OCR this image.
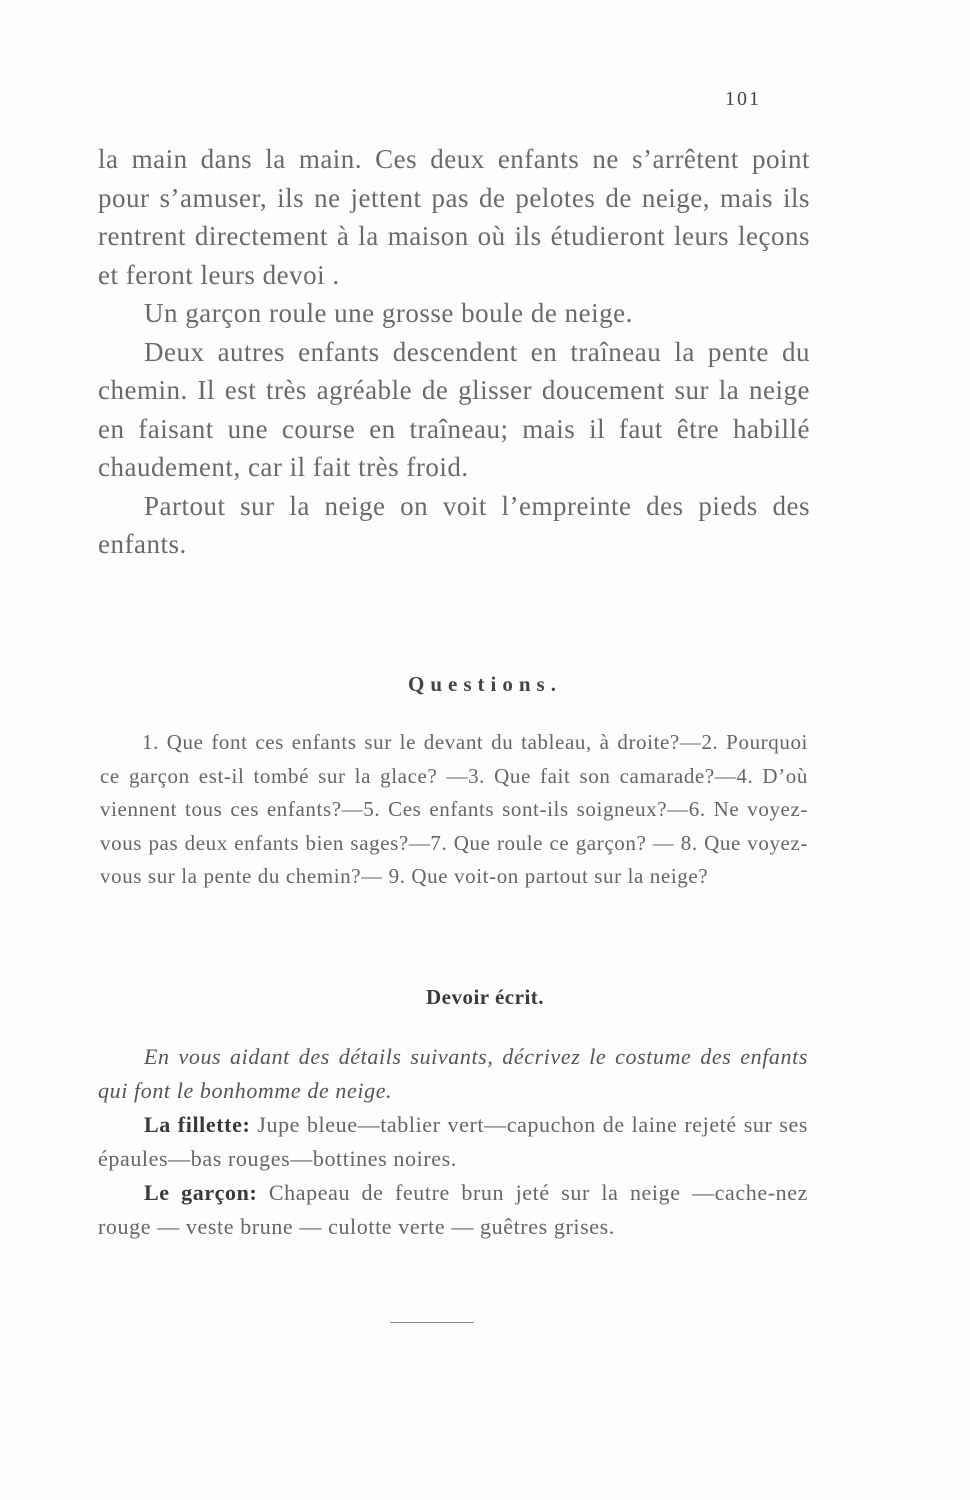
101

la main dans la main. Ces deux enfants ne s’arrêtent point pour s’amuser, ils ne jettent pas de pelotes de neige, mais ils rentrent directement à la maison où ils étudieront leurs leçons et feront leurs devoi .

Un garçon roule une grosse boule de neige.

Deux autres enfants descendent en traîneau la pente du chemin. Il est très agréable de glisser doucement sur la neige en faisant une course en traîneau; mais il faut être habillé chaudement, car il fait très froid.

Partout sur la neige on voit l’empreinte des pieds des enfants.

Questions.

1. Que font ces enfants sur le devant du tableau, à droite?—2. Pourquoi ce garçon est-il tombé sur la glace? —3. Que fait son camarade?—4. D’où viennent tous ces enfants?—5. Ces enfants sont-ils soigneux?—6. Ne voyez-vous pas deux enfants bien sages?—7. Que roule ce garçon? — 8. Que voyez-vous sur la pente du chemin?— 9. Que voit-on partout sur la neige?

Devoir écrit.

En vous aidant des détails suivants, décrivez le costume des enfants qui font le bonhomme de neige.

La fillette: Jupe bleue—tablier vert—capuchon de laine rejeté sur ses épaules—bas rouges—bottines noires.

Le garçon: Chapeau de feutre brun jeté sur la neige —cache-nez rouge — veste brune — culotte verte — guêtres grises.
